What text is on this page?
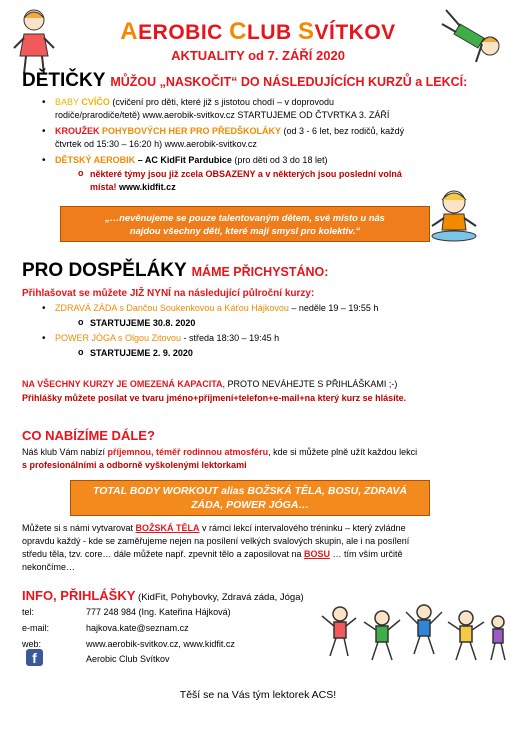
AEROBIC CLUB SVÍTKOV
AKTUALITY od 7. ZÁŘÍ 2020
DĚTIČKY MŮŽOU „NASKOČIT“ DO NÁSLEDUJÍCÍCH KURZŮ a LEKCÍ:
• BABY CVÍČO (cvičení pro děti, které již s jistotou chodí – v doprovodu
rodiče/prarodiče/tetě) www.aerobik-svitkov.cz STARTUJEME OD ČTVRTKA 3. ZÁŘÍ
• KROUŽEK POHYBOVÝCH HER PRO PŘEDŠKOLÁKY (od 3 - 6 let, bez rodičů, každý
čtvrtek od 15:30 – 16:20 h) www.aerobik-svitkov.cz
• DĚTSKÝ AEROBIK – AC KidFit Pardubice (pro děti od 3 do 18 let)
o některé týmy jsou již zcela OBSAZENY a v některých jsou poslední volná
místa! www.kidfit.cz
„…nevěnujeme se pouze talentovaným dětem, své místo u nás
najdou všechny děti, které mají smysl pro kolektiv.“
PRO DOSPĚLÁKY MÁME PŘICHYSTÁNO:
Přihlašovat se můžete JIŽ NYNÍ na následující půlroční kurzy:
• ZDRAVÁ ZÁDA s Dančou Soukenkovou a Káťou Hájkovou – neděle 19 – 19:55 h
o STARTUJEME 30.8. 2020
• POWER JÓGA s Olgou Zitovou - středa 18:30 – 19:45 h
o STARTUJEME 2. 9. 2020
NA VŠECHNY KURZY JE OMEZENÁ KAPACITA, PROTO NEVÁHEJTE S PŘIHLÁŠKAMI ;-)
Přihlášky můžete posílat ve tvaru jméno+příjmení+telefon+e-mail+na který kurz se hlásíte.
CO NABÍZÍME DÁLE?
Náš klub Vám nabízí příjemnou, téměř rodinnou atmosféru, kde si můžete plně užít každou lekci
s profesionálními a odborně vyškolenými lektorkami
TOTAL BODY WORKOUT alias BOŽSKÁ TĚLA, BOSU, ZDRAVÁ
ZÁDA, POWER JÓGA…
Můžete si s námi vytvarovat BOŽSKÁ TĚLA v rámci lekcí intervalového tréninku – který zvládne
opravdu každý - kde se zaměřujeme nejen na posílení velkých svalových skupin, ale i na posílení
středu těla, tzv. core… dále můžete např. zpevnit tělo a zaposilovat na BOSU … tím vším určitě
nekončíme…
INFO, PŘIHLÁŠKY (KidFit, Pohybovky, Zdravá záda, Jóga)
tel:	777 248 984 (Ing. Kateřina Hájková)
e-mail:	hajkova.kate@seznam.cz
web:	www.aerobik-svitkov.cz, www.kidfit.cz
f	Aerobic Club Svítkov
Těší se na Vás tým lektorek ACS!
